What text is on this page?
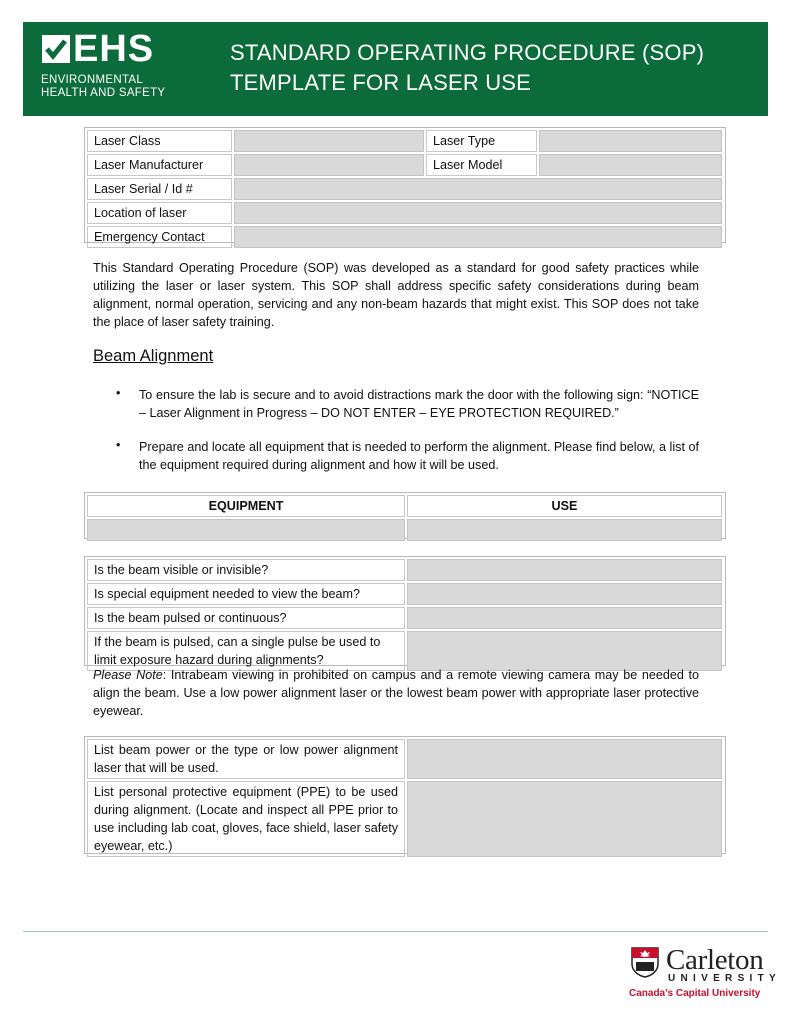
EHS
ENVIRONMENTAL
HEALTH AND SAFETY
STANDARD OPERATING PROCEDURE (SOP)
TEMPLATE FOR LASER USE
Laser Class		Laser Type	
Laser Manufacturer		Laser Model	
Laser Serial / Id #			
Location of laser			
Emergency Contact			
This Standard Operating Procedure (SOP) was developed as a standard for good safety practices while utilizing the laser or laser system. This SOP shall address specific safety considerations during beam alignment, normal operation, servicing and any non-beam hazards that might exist. This SOP does not take the place of laser safety training.
Beam Alignment
• To ensure the lab is secure and to avoid distractions mark the door with the following sign: “NOTICE – Laser Alignment in Progress – DO NOT ENTER – EYE PROTECTION REQUIRED.”
• Prepare and locate all equipment that is needed to perform the alignment. Please find below, a list of the equipment required during alignment and how it will be used.
EQUIPMENT	USE

Is the beam visible or invisible?	
Is special equipment needed to view the beam?	
Is the beam pulsed or continuous?	
If the beam is pulsed, can a single pulse be used to limit exposure hazard during alignments?	
Please Note: Intrabeam viewing in prohibited on campus and a remote viewing camera may be needed to align the beam. Use a low power alignment laser or the lowest beam power with appropriate laser protective eyewear.
List beam power or the type or low power alignment laser that will be used.	
List personal protective equipment (PPE) to be used during alignment. (Locate and inspect all PPE prior to use including lab coat, gloves, face shield, laser safety eyewear, etc.)	
Carleton
UNIVERSITY
Canada’s Capital University
